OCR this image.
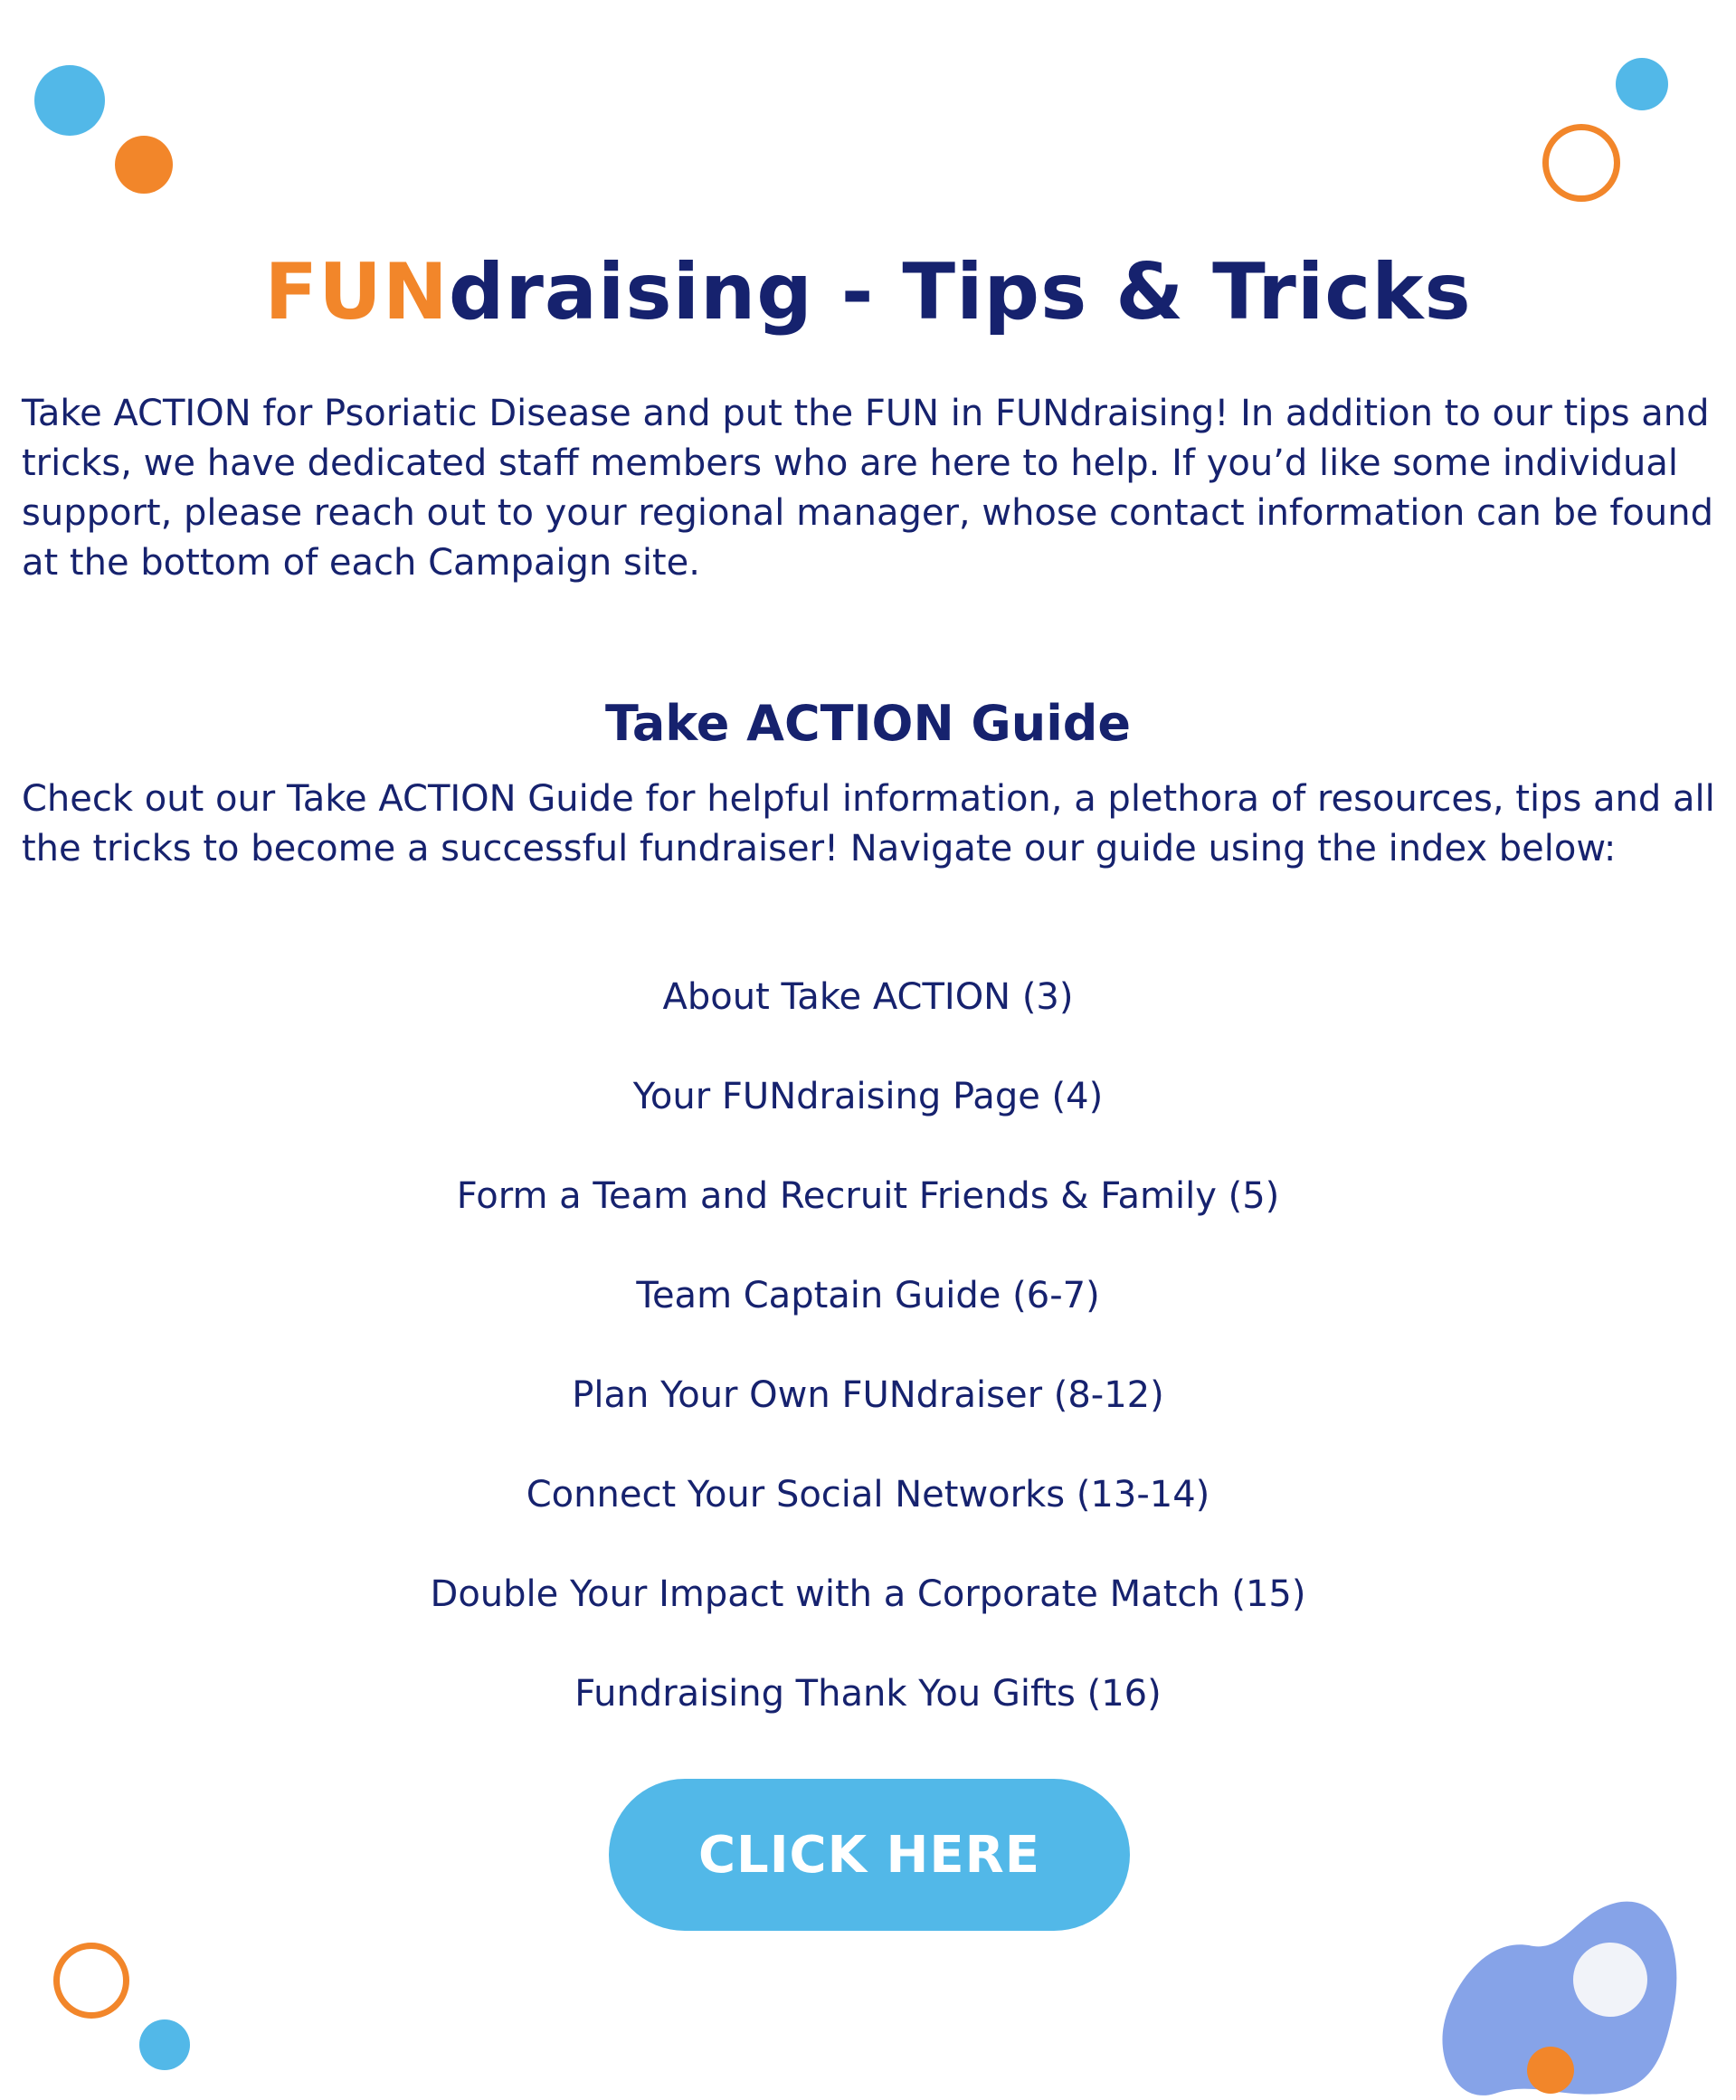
FUNdraising - Tips & Tricks

Take ACTION for Psoriatic Disease and put the FUN in FUNdraising! In addition to our tips and tricks, we have dedicated staff members who are here to help. If you’d like some individual support, please reach out to your regional manager, whose contact information can be found at the bottom of each Campaign site.

Take ACTION Guide

Check out our Take ACTION Guide for helpful information, a plethora of resources, tips and all the tricks to become a successful fundraiser! Navigate our guide using the index below:

About Take ACTION (3)
Your FUNdraising Page (4)
Form a Team and Recruit Friends & Family (5)
Team Captain Guide (6-7)
Plan Your Own FUNdraiser (8-12)
Connect Your Social Networks (13-14)
Double Your Impact with a Corporate Match (15)
Fundraising Thank You Gifts (16)
CLICK HERE
